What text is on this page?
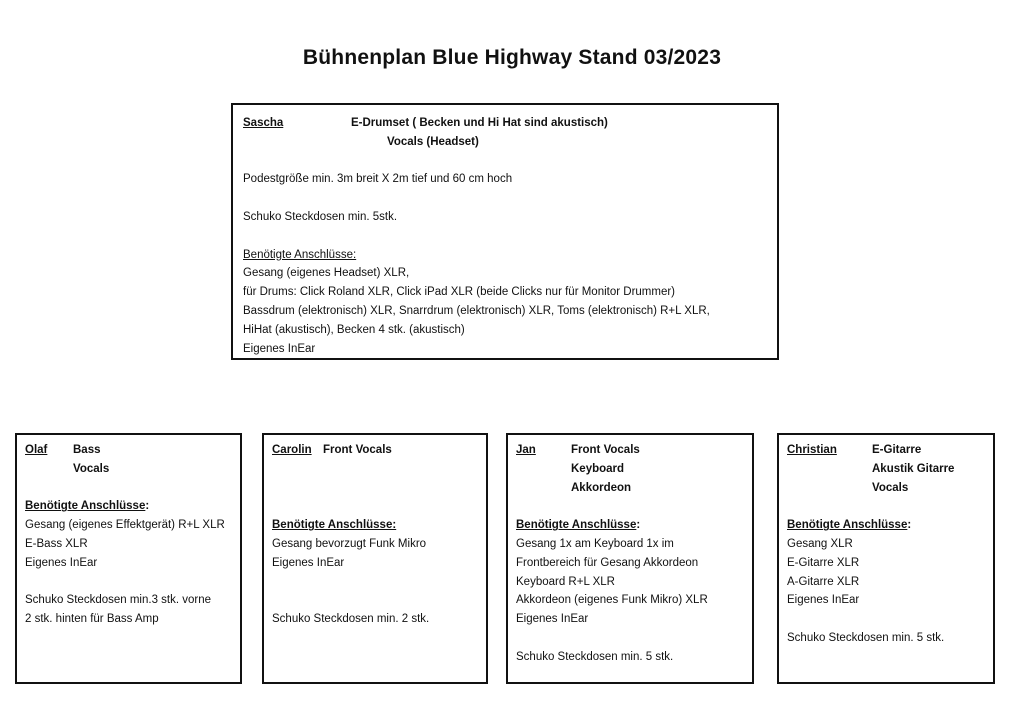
Bühnenplan Blue Highway Stand 03/2023
Sascha	E-Drumset ( Becken und Hi Hat sind akustisch)
Vocals (Headset)
Podestgröße min. 3m breit X 2m tief und 60 cm hoch
Schuko Steckdosen min. 5stk.
Benötigte Anschlüsse:
Gesang (eigenes Headset) XLR,
für Drums: Click Roland XLR, Click iPad XLR (beide Clicks nur für Monitor Drummer)
Bassdrum (elektronisch) XLR, Snarrdrum (elektronisch) XLR, Toms (elektronisch) R+L XLR,
HiHat (akustisch), Becken 4 stk. (akustisch)
Eigenes InEar
Olaf	Bass
Vocals
Benötigte Anschlüsse:
Gesang (eigenes Effektgerät) R+L XLR
E-Bass XLR
Eigenes InEar
Schuko Steckdosen min.3 stk. vorne
2 stk. hinten für Bass Amp
Carolin Front Vocals
Benötigte Anschlüsse:
Gesang bevorzugt Funk Mikro
Eigenes InEar
Schuko Steckdosen min. 2 stk.
Jan	Front Vocals
Keyboard
Akkordeon
Benötigte Anschlüsse:
Gesang 1x am Keyboard 1x im
Frontbereich für Gesang Akkordeon
Keyboard R+L XLR
Akkordeon (eigenes Funk Mikro) XLR
Eigenes InEar
Schuko Steckdosen min. 5 stk.
Christian	E-Gitarre
Akustik Gitarre
Vocals
Benötigte Anschlüsse:
Gesang XLR
E-Gitarre XLR
A-Gitarre XLR
Eigenes InEar
Schuko Steckdosen min. 5 stk.
